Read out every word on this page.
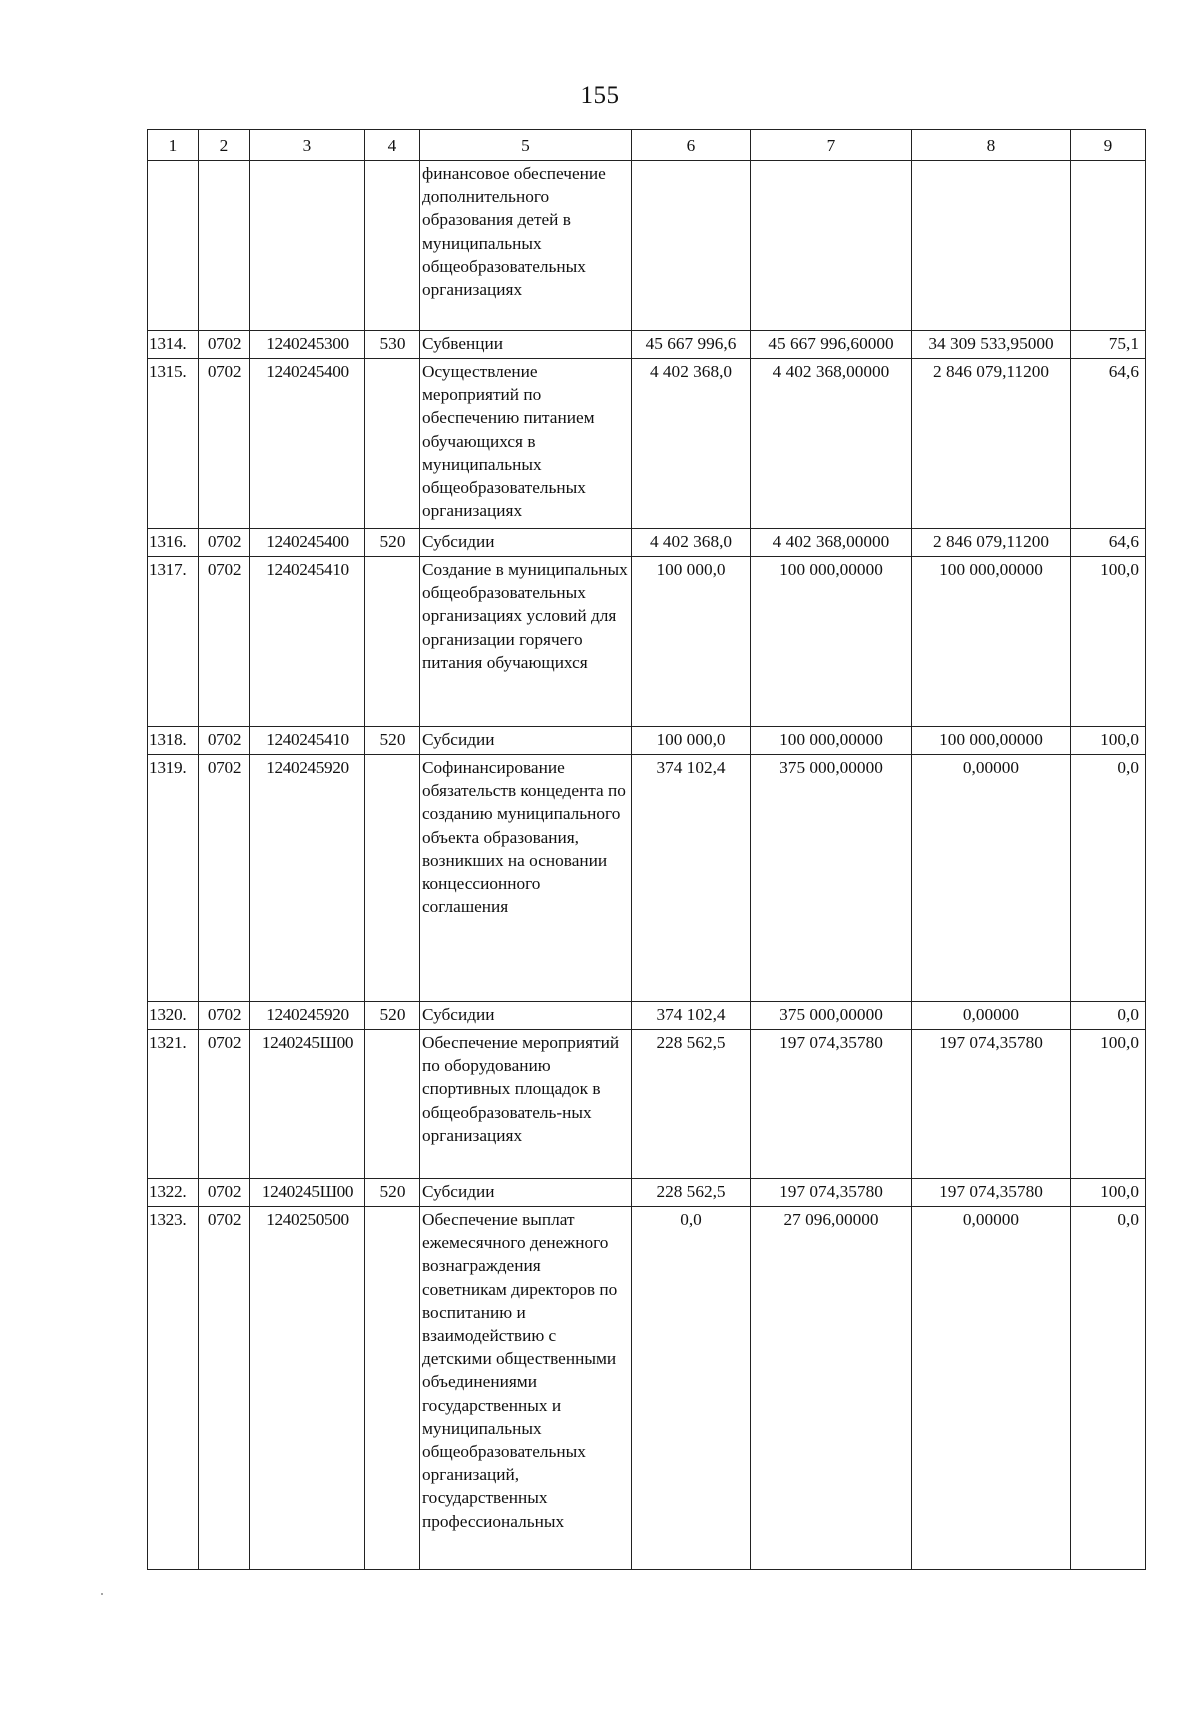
155
1	2	3	4	5	6	7	8	9
				финансовое обеспечение дополнительного образования детей в муниципальных общеобразовательных организациях				
1314.	0702	1240245300	530	Субвенции	45 667 996,6	45 667 996,60000	34 309 533,95000	75,1
1315.	0702	1240245400		Осуществление мероприятий по обеспечению питанием обучающихся в муниципальных общеобразовательных организациях	4 402 368,0	4 402 368,00000	2 846 079,11200	64,6
1316.	0702	1240245400	520	Субсидии	4 402 368,0	4 402 368,00000	2 846 079,11200	64,6
1317.	0702	1240245410		Создание в муниципальных общеобразовательных организациях условий для организации горячего питания обучающихся	100 000,0	100 000,00000	100 000,00000	100,0
1318.	0702	1240245410	520	Субсидии	100 000,0	100 000,00000	100 000,00000	100,0
1319.	0702	1240245920		Софинансирование обязательств концедента по созданию муниципального объекта образования, возникших на основании концессионного соглашения	374 102,4	375 000,00000	0,00000	0,0
1320.	0702	1240245920	520	Субсидии	374 102,4	375 000,00000	0,00000	0,0
1321.	0702	1240245Ш00		Обеспечение мероприятий по оборудованию спортивных площадок в общеобразователь-ных организациях	228 562,5	197 074,35780	197 074,35780	100,0
1322.	0702	1240245Ш00	520	Субсидии	228 562,5	197 074,35780	197 074,35780	100,0
1323.	0702	1240250500		Обеспечение выплат ежемесячного денежного вознаграждения советникам директоров по воспитанию и взаимодействию с детскими общественными объединениями государственных и муниципальных общеобразовательных организаций, государственных профессиональных	0,0	27 096,00000	0,00000	0,0
